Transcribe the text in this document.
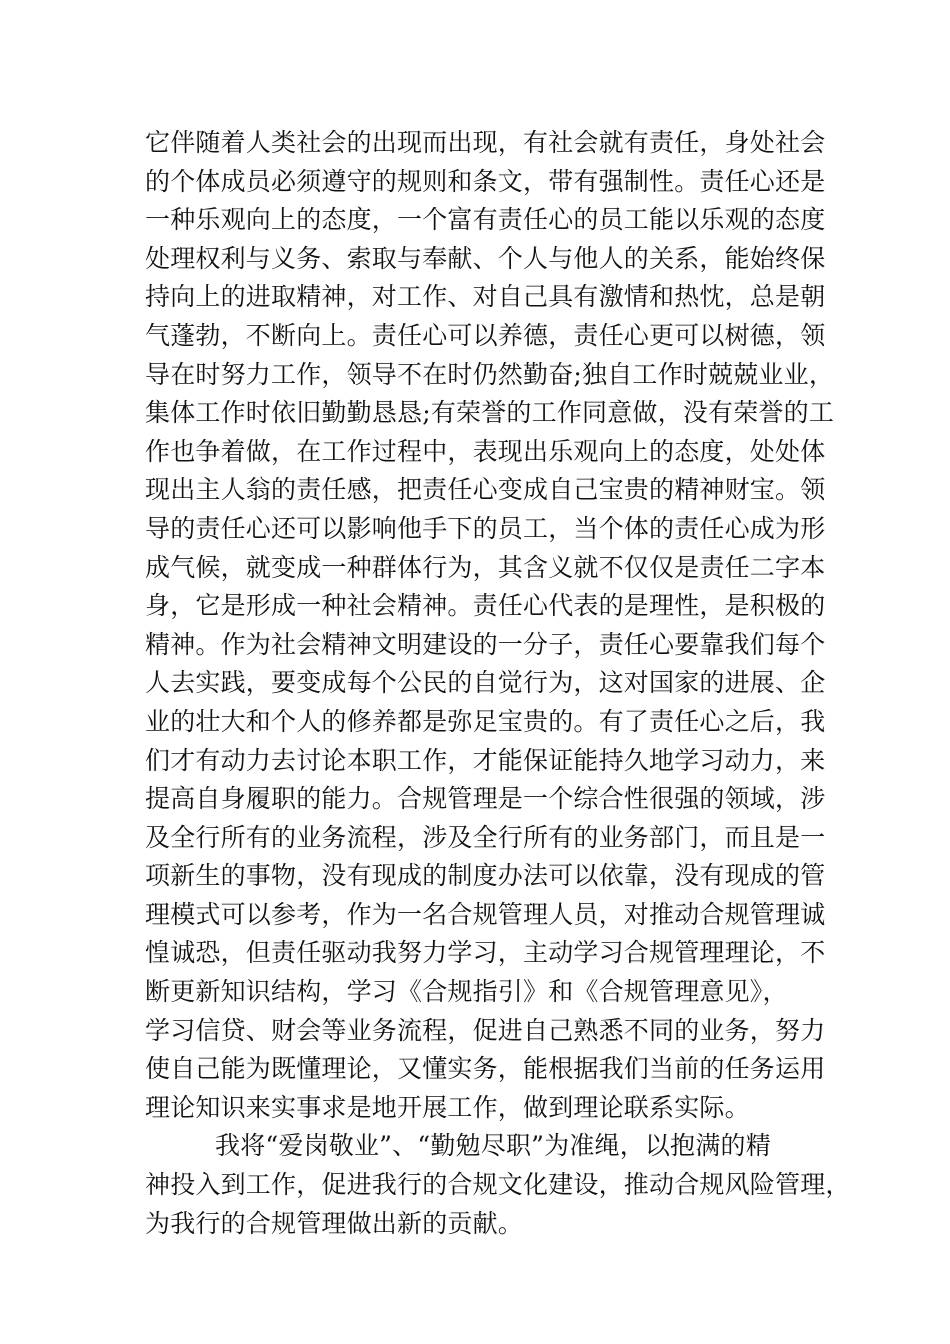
它伴随着人类社会的出现而出现，有社会就有责任，身处社会
的个体成员必须遵守的规则和条文，带有强制性。责任心还是
一种乐观向上的态度，一个富有责任心的员工能以乐观的态度
处理权利与义务、索取与奉献、个人与他人的关系，能始终保
持向上的进取精神，对工作、对自己具有激情和热忱，总是朝
气蓬勃，不断向上。责任心可以养德，责任心更可以树德，领
导在时努力工作，领导不在时仍然勤奋;独自工作时兢兢业业，
集体工作时依旧勤勤恳恳;有荣誉的工作同意做，没有荣誉的工
作也争着做，在工作过程中，表现出乐观向上的态度，处处体
现出主人翁的责任感，把责任心变成自己宝贵的精神财宝。领
导的责任心还可以影响他手下的员工，当个体的责任心成为形
成气候，就变成一种群体行为，其含义就不仅仅是责任二字本
身，它是形成一种社会精神。责任心代表的是理性，是积极的
精神。作为社会精神文明建设的一分子，责任心要靠我们每个
人去实践，要变成每个公民的自觉行为，这对国家的进展、企
业的壮大和个人的修养都是弥足宝贵的。有了责任心之后，我
们才有动力去讨论本职工作，才能保证能持久地学习动力，来
提高自身履职的能力。合规管理是一个综合性很强的领域，涉
及全行所有的业务流程，涉及全行所有的业务部门，而且是一
项新生的事物，没有现成的制度办法可以依靠，没有现成的管
理模式可以参考，作为一名合规管理人员，对推动合规管理诚
惶诚恐，但责任驱动我努力学习，主动学习合规管理理论，不
断更新知识结构，学习《合规指引》和《合规管理意见》，
学习信贷、财会等业务流程，促进自己熟悉不同的业务，努力
使自己能为既懂理论，又懂实务，能根据我们当前的任务运用
理论知识来实事求是地开展工作，做到理论联系实际。
我将“爱岗敬业”、“勤勉尽职”为准绳，以抱满的精
神投入到工作，促进我行的合规文化建设，推动合规风险管理，
为我行的合规管理做出新的贡献。
